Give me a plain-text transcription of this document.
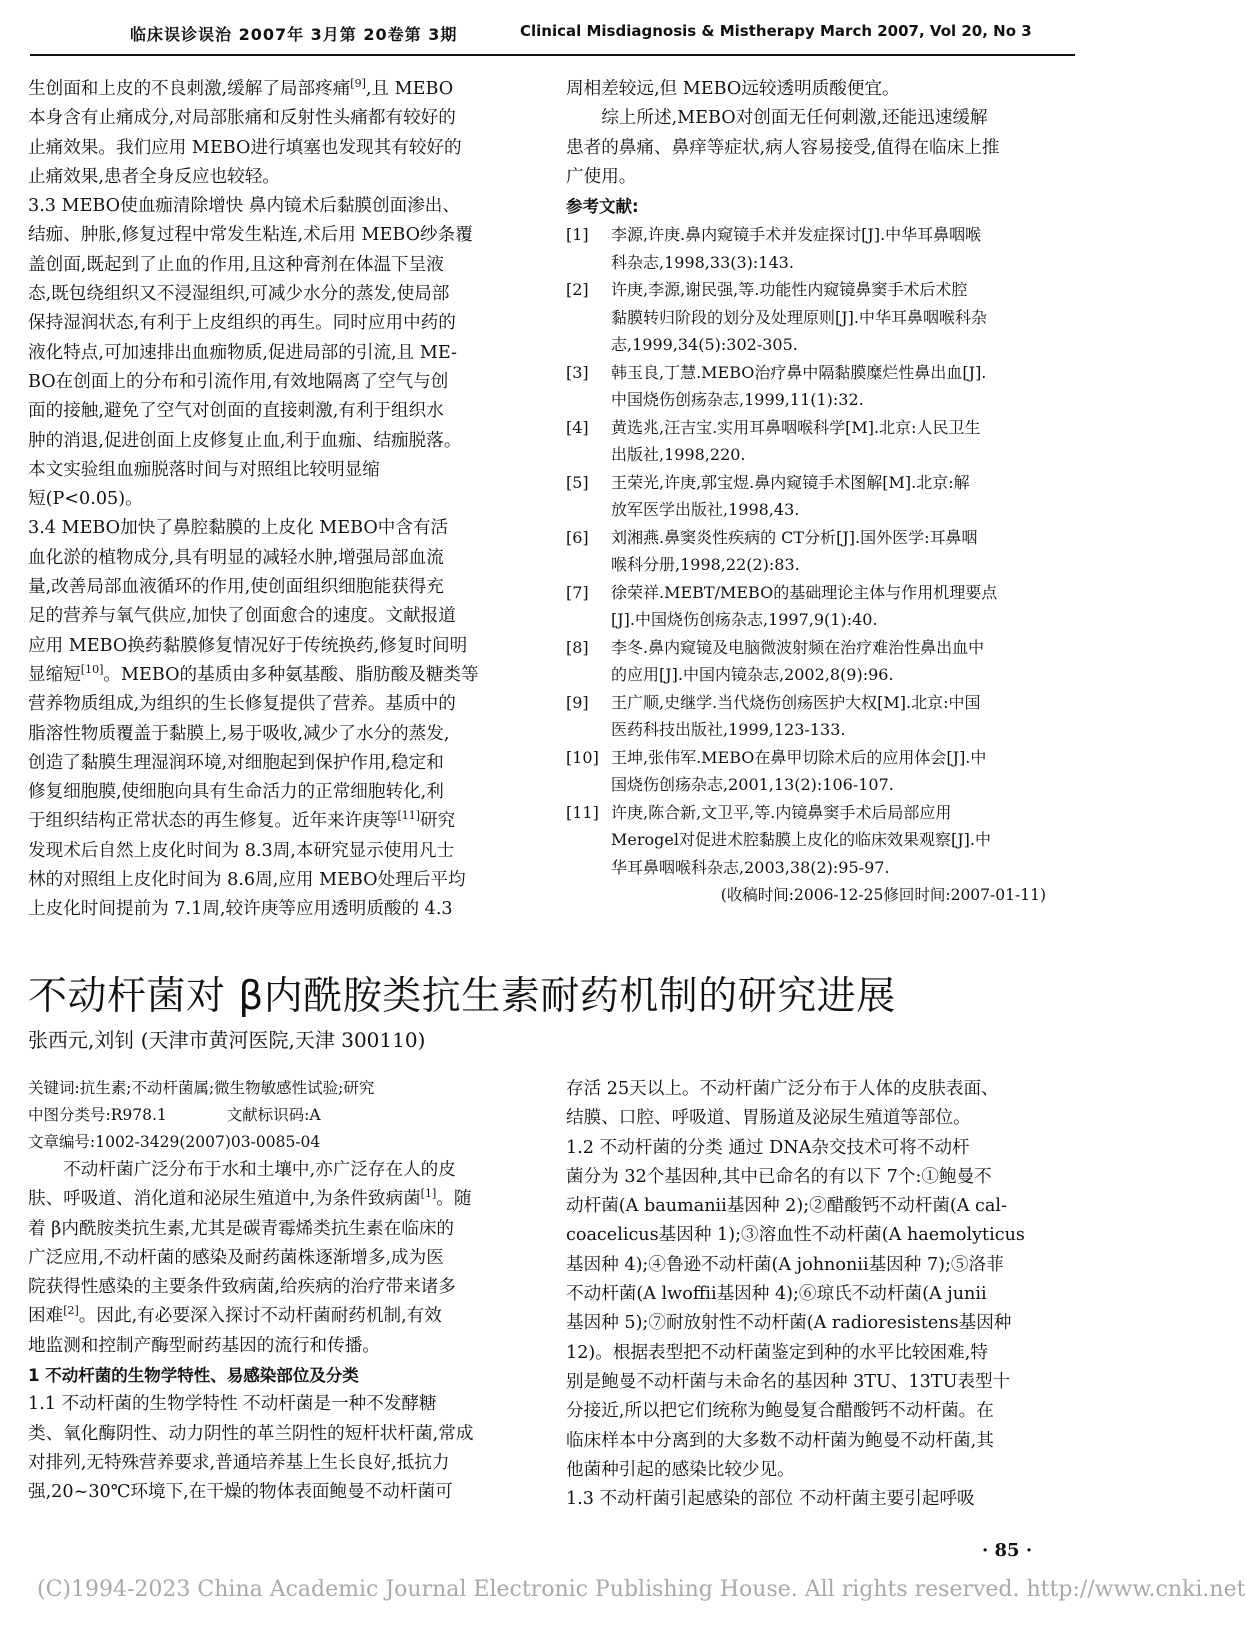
临床误诊误治 2007年 3月第 20卷第 3期	Clinical Misdiagnosis & Mistherapy March 2007, Vol 20, No 3
生创面和上皮的不良刺激,缓解了局部疼痛[9],且 MEBO
本身含有止痛成分,对局部胀痛和反射性头痛都有较好的
止痛效果。我们应用 MEBO进行填塞也发现其有较好的
止痛效果,患者全身反应也较轻。
3.3 MEBO使血痂清除增快 鼻内镜术后黏膜创面渗出、
结痂、肿胀,修复过程中常发生粘连,术后用 MEBO纱条覆
盖创面,既起到了止血的作用,且这种膏剂在体温下呈液
态,既包绕组织又不浸湿组织,可减少水分的蒸发,使局部
保持湿润状态,有利于上皮组织的再生。同时应用中药的
液化特点,可加速排出血痂物质,促进局部的引流,且 ME-
BO在创面上的分布和引流作用,有效地隔离了空气与创
面的接触,避免了空气对创面的直接刺激,有利于组织水
肿的消退,促进创面上皮修复止血,利于血痂、结痂脱落。
本文实验组血痂脱落时间与对照组比较明显缩
短(P<0.05)。
3.4 MEBO加快了鼻腔黏膜的上皮化 MEBO中含有活
血化淤的植物成分,具有明显的减轻水肿,增强局部血流
量,改善局部血液循环的作用,使创面组织细胞能获得充
足的营养与氧气供应,加快了创面愈合的速度。文献报道
应用 MEBO换药黏膜修复情况好于传统换药,修复时间明
显缩短[10]。MEBO的基质由多种氨基酸、脂肪酸及糖类等
营养物质组成,为组织的生长修复提供了营养。基质中的
脂溶性物质覆盖于黏膜上,易于吸收,减少了水分的蒸发,
创造了黏膜生理湿润环境,对细胞起到保护作用,稳定和
修复细胞膜,使细胞向具有生命活力的正常细胞转化,利
于组织结构正常状态的再生修复。近年来许庚等[11]研究
发现术后自然上皮化时间为 8.3周,本研究显示使用凡士
林的对照组上皮化时间为 8.6周,应用 MEBO处理后平均
上皮化时间提前为 7.1周,较许庚等应用透明质酸的 4.3
周相差较远,但 MEBO远较透明质酸便宜。
综上所述,MEBO对创面无任何刺激,还能迅速缓解
患者的鼻痛、鼻痒等症状,病人容易接受,值得在临床上推
广使用。
参考文献:
[1] 李源,许庚.鼻内窥镜手术并发症探讨[J].中华耳鼻咽喉
科杂志,1998,33(3):143.
[2] 许庚,李源,谢民强,等.功能性内窥镜鼻窦手术后术腔
黏膜转归阶段的划分及处理原则[J].中华耳鼻咽喉科杂
志,1999,34(5):302-305.
[3] 韩玉良,丁慧.MEBO治疗鼻中隔黏膜糜烂性鼻出血[J].
中国烧伤创疡杂志,1999,11(1):32.
[4] 黄选兆,汪吉宝.实用耳鼻咽喉科学[M].北京:人民卫生
出版社,1998,220.
[5] 王荣光,许庚,郭宝煜.鼻内窥镜手术图解[M].北京:解
放军医学出版社,1998,43.
[6] 刘湘燕.鼻窦炎性疾病的 CT分析[J].国外医学:耳鼻咽
喉科分册,1998,22(2):83.
[7] 徐荣祥.MEBT/MEBO的基础理论主体与作用机理要点
[J].中国烧伤创疡杂志,1997,9(1):40.
[8] 李冬.鼻内窥镜及电脑微波射频在治疗难治性鼻出血中
的应用[J].中国内镜杂志,2002,8(9):96.
[9] 王广顺,史继学.当代烧伤创疡医护大权[M].北京:中国
医药科技出版社,1999,123-133.
[10] 王坤,张伟军.MEBO在鼻甲切除术后的应用体会[J].中
国烧伤创疡杂志,2001,13(2):106-107.
[11] 许庚,陈合新,文卫平,等.内镜鼻窦手术后局部应用
Merogel对促进术腔黏膜上皮化的临床效果观察[J].中
华耳鼻咽喉科杂志,2003,38(2):95-97.
(收稿时间:2006-12-25修回时间:2007-01-11)
不动杆菌对 β内酰胺类抗生素耐药机制的研究进展
张西元,刘钊 (天津市黄河医院,天津 300110)
关键词:抗生素;不动杆菌属;微生物敏感性试验;研究
中图分类号:R978.1	文献标识码:A
文章编号:1002-3429(2007)03-0085-04
不动杆菌广泛分布于水和土壤中,亦广泛存在人的皮
肤、呼吸道、消化道和泌尿生殖道中,为条件致病菌[1]。随
着 β内酰胺类抗生素,尤其是碳青霉烯类抗生素在临床的
广泛应用,不动杆菌的感染及耐药菌株逐渐增多,成为医
院获得性感染的主要条件致病菌,给疾病的治疗带来诸多
困难[2]。因此,有必要深入探讨不动杆菌耐药机制,有效
地监测和控制产酶型耐药基因的流行和传播。
1 不动杆菌的生物学特性、易感染部位及分类
1.1 不动杆菌的生物学特性 不动杆菌是一种不发酵糖
类、氧化酶阴性、动力阴性的革兰阴性的短杆状杆菌,常成
对排列,无特殊营养要求,普通培养基上生长良好,抵抗力
强,20~30℃环境下,在干燥的物体表面鲍曼不动杆菌可
存活 25天以上。不动杆菌广泛分布于人体的皮肤表面、
结膜、口腔、呼吸道、胃肠道及泌尿生殖道等部位。
1.2 不动杆菌的分类 通过 DNA杂交技术可将不动杆
菌分为 32个基因种,其中已命名的有以下 7个:①鲍曼不
动杆菌(A baumanii基因种 2);②醋酸钙不动杆菌(A cal-
coacelicus基因种 1);③溶血性不动杆菌(A haemolyticus
基因种 4);④鲁逊不动杆菌(A johnonii基因种 7);⑤洛菲
不动杆菌(A lwoffii基因种 4);⑥琼氏不动杆菌(A junii
基因种 5);⑦耐放射性不动杆菌(A radioresistens基因种
12)。根据表型把不动杆菌鉴定到种的水平比较困难,特
别是鲍曼不动杆菌与未命名的基因种 3TU、13TU表型十
分接近,所以把它们统称为鲍曼复合醋酸钙不动杆菌。在
临床样本中分离到的大多数不动杆菌为鲍曼不动杆菌,其
他菌种引起的感染比较少见。
1.3 不动杆菌引起感染的部位 不动杆菌主要引起呼吸
· 85 ·
(C)1994-2023 China Academic Journal Electronic Publishing House. All rights reserved. http://www.cnki.net
